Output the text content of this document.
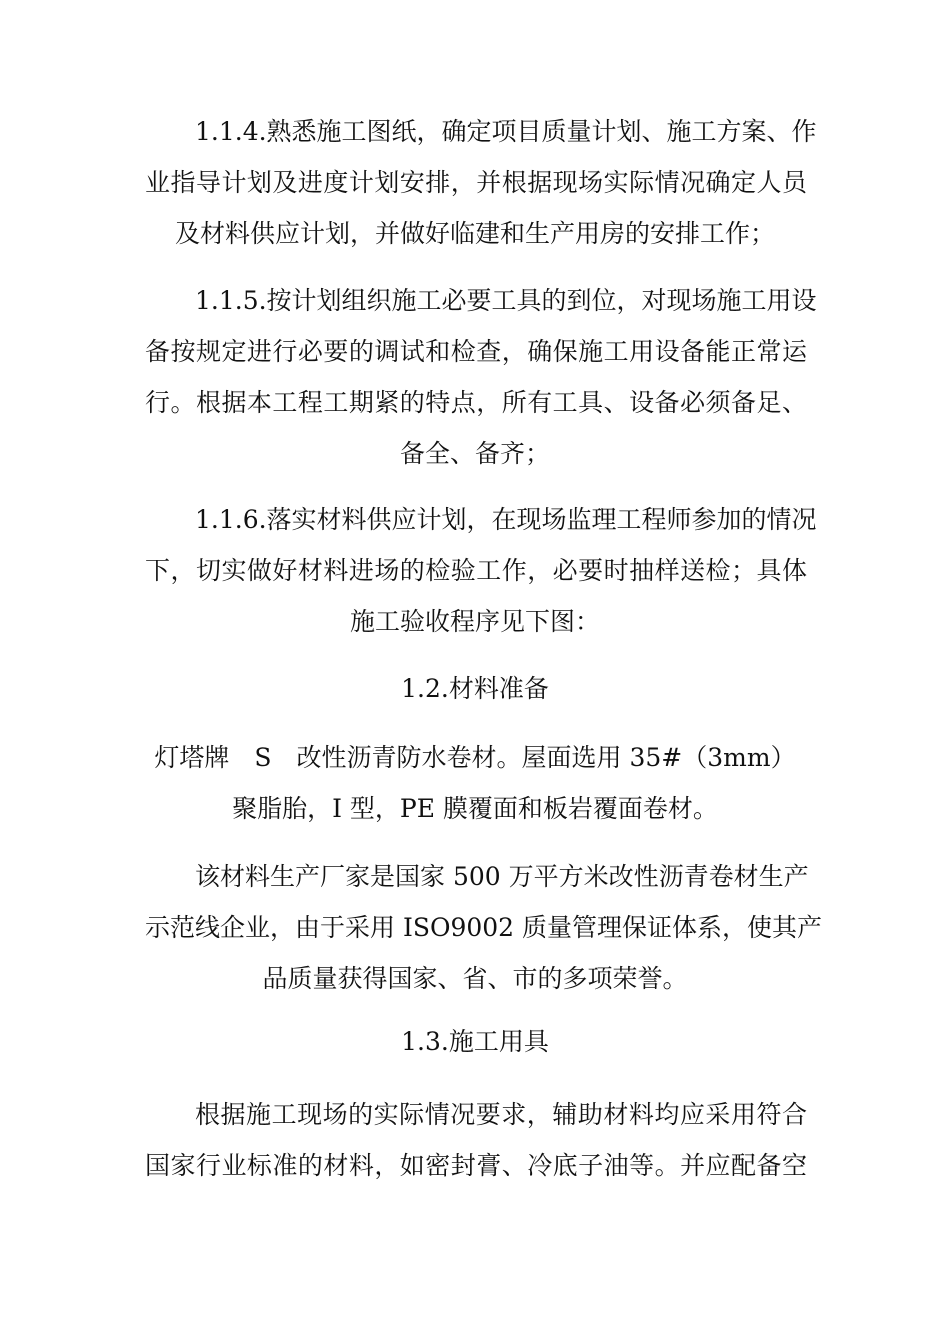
1.1.4.熟悉施工图纸，确定项目质量计划、施工方案、作
业指导计划及进度计划安排，并根据现场实际情况确定人员
及材料供应计划，并做好临建和生产用房的安排工作；
1.1.5.按计划组织施工必要工具的到位，对现场施工用设
备按规定进行必要的调试和检查，确保施工用设备能正常运
行。根据本工程工期紧的特点，所有工具、设备必须备足、
备全、备齐；
1.1.6.落实材料供应计划，在现场监理工程师参加的情况
下，切实做好材料进场的检验工作，必要时抽样送检；具体
施工验收程序见下图：
1.2.材料准备
灯塔牌　S　改性沥青防水卷材。屋面选用 35#（3mm）
聚脂胎，I 型，PE 膜覆面和板岩覆面卷材。
该材料生产厂家是国家 500 万平方米改性沥青卷材生产
示范线企业，由于采用 ISO9002 质量管理保证体系，使其产
品质量获得国家、省、市的多项荣誉。
1.3.施工用具
根据施工现场的实际情况要求，辅助材料均应采用符合
国家行业标准的材料，如密封膏、冷底子油等。并应配备空
